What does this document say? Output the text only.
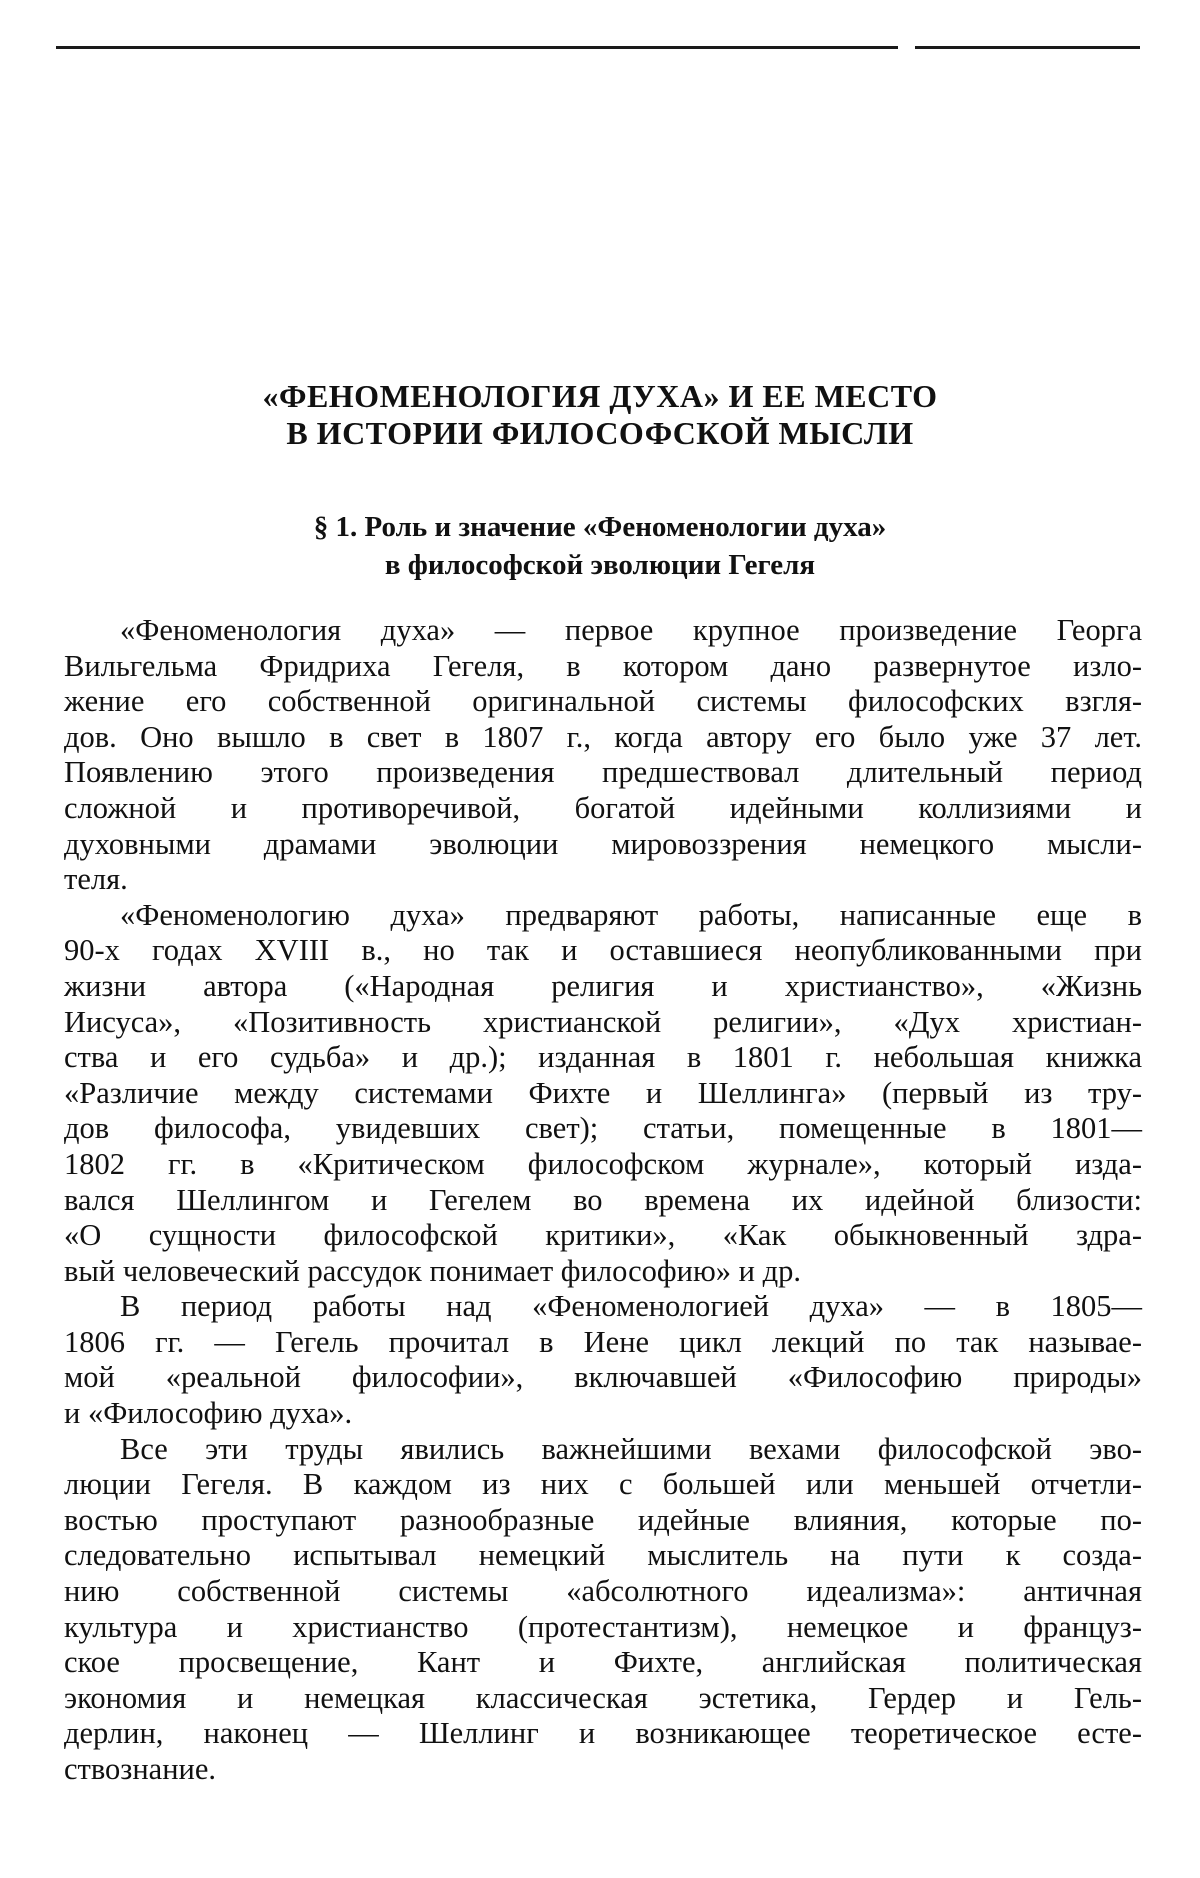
«ФЕНОМЕНОЛОГИЯ ДУХА» И ЕЕ МЕСТО
В ИСТОРИИ ФИЛОСОФСКОЙ МЫСЛИ
§ 1. Роль и значение «Феноменологии духа»
в философской эволюции Гегеля
«Феноменология духа» — первое крупное произведение Георга
Вильгельма Фридриха Гегеля, в котором дано развернутое изло-
жение его собственной оригинальной системы философских взгля-
дов. Оно вышло в свет в 1807 г., когда автору его было уже 37 лет.
Появлению этого произведения предшествовал длительный период
сложной и противоречивой, богатой идейными коллизиями и
духовными драмами эволюции мировоззрения немецкого мысли-
теля.
«Феноменологию духа» предваряют работы, написанные еще в
90-х годах XVIII в., но так и оставшиеся неопубликованными при
жизни автора («Народная религия и христианство», «Жизнь
Иисуса», «Позитивность христианской религии», «Дух христиан-
ства и его судьба» и др.); изданная в 1801 г. небольшая книжка
«Различие между системами Фихте и Шеллинга» (первый из тру-
дов философа, увидевших свет); статьи, помещенные в 1801—
1802 гг. в «Критическом философском журнале», который изда-
вался Шеллингом и Гегелем во времена их идейной близости:
«О сущности философской критики», «Как обыкновенный здра-
вый человеческий рассудок понимает философию» и др.
В период работы над «Феноменологией духа» — в 1805—
1806 гг. — Гегель прочитал в Иене цикл лекций по так называе-
мой «реальной философии», включавшей «Философию природы»
и «Философию духа».
Все эти труды явились важнейшими вехами философской эво-
люции Гегеля. В каждом из них с большей или меньшей отчетли-
востью проступают разнообразные идейные влияния, которые по-
следовательно испытывал немецкий мыслитель на пути к созда-
нию собственной системы «абсолютного идеализма»: античная
культура и христианство (протестантизм), немецкое и француз-
ское просвещение, Кант и Фихте, английская политическая
экономия и немецкая классическая эстетика, Гердер и Гель-
дерлин, наконец — Шеллинг и возникающее теоретическое есте-
ствознание.
